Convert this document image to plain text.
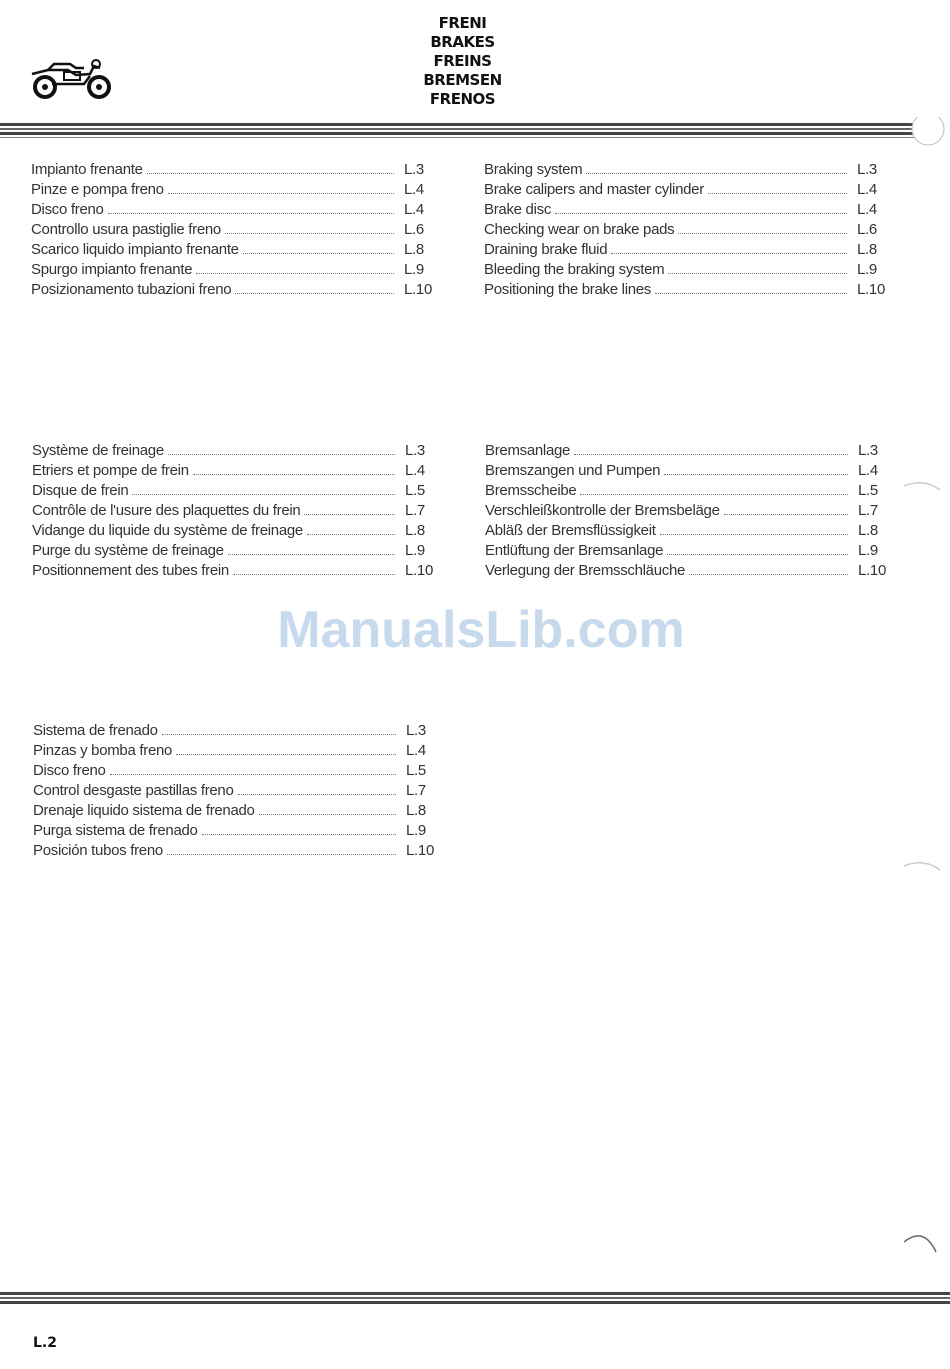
FRENI
BRAKES
FREINS
BREMSEN
FRENOS
Impianto frenante	L.3
Pinze e pompa freno	L.4
Disco freno	L.4
Controllo usura pastiglie freno	L.6
Scarico liquido impianto frenante	L.8
Spurgo impianto frenante	L.9
Posizionamento tubazioni freno	L.10
Braking system	L.3
Brake calipers and master cylinder	L.4
Brake disc	L.4
Checking wear on brake pads	L.6
Draining brake fluid	L.8
Bleeding the braking system	L.9
Positioning the brake lines	L.10
Système de freinage	L.3
Etriers et pompe de frein	L.4
Disque de frein	L.5
Contrôle de l'usure des plaquettes du frein	L.7
Vidange du liquide du système de freinage	L.8
Purge du système de freinage	L.9
Positionnement des tubes frein	L.10
Bremsanlage	L.3
Bremszangen und Pumpen	L.4
Bremsscheibe	L.5
Verschleißkontrolle der Bremsbeläge	L.7
Abläß der Bremsflüssigkeit	L.8
Entlüftung der Bremsanlage	L.9
Verlegung der Bremsschläuche	L.10
ManualsLib.com
Sistema de frenado	L.3
Pinzas y bomba freno	L.4
Disco freno	L.5
Control desgaste pastillas freno	L.7
Drenaje liquido sistema de frenado	L.8
Purga sistema de frenado	L.9
Posición tubos freno	L.10
L.2
